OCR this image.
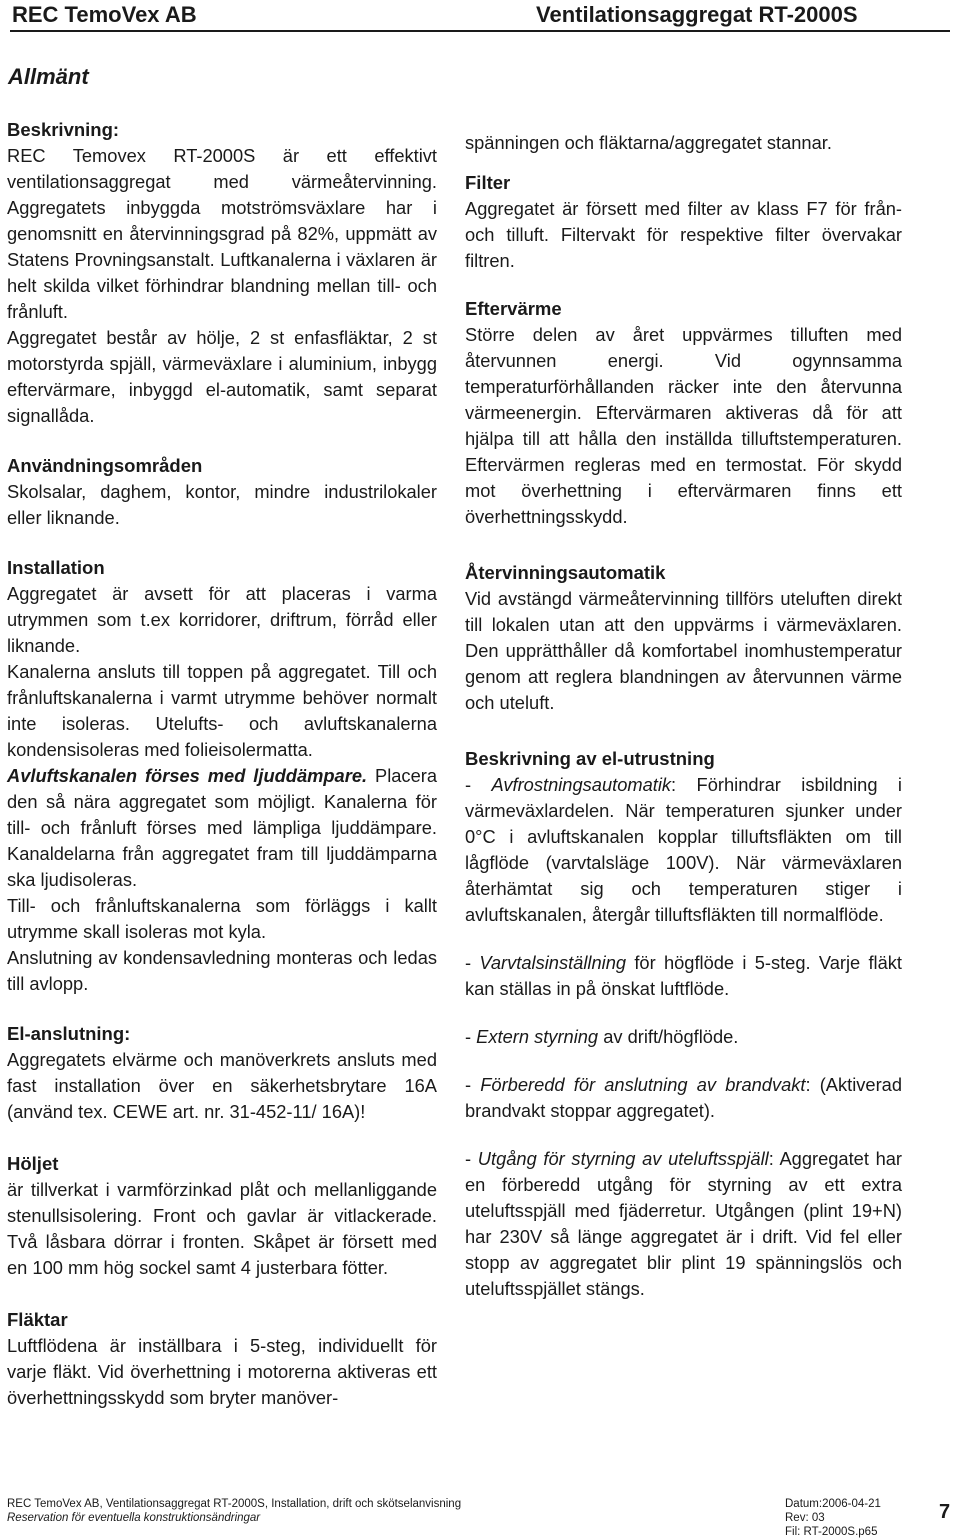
REC TemoVex AB	Ventilationsaggregat RT-2000S
Allmänt

Beskrivning:

REC Temovex RT-2000S är ett effektivt ventilationsaggregat med värmeåtervinning. Aggregatets inbyggda motströmsväxlare har i genomsnitt en återvinningsgrad på 82%, uppmätt av Statens Provningsanstalt. Luftkanalerna i växlaren är helt skilda vilket förhindrar blandning mellan till- och frånluft.

Aggregatet består av hölje, 2 st enfasfläktar, 2 st motorstyrda spjäll, värmeväxlare i aluminium, inbygg eftervärmare, inbyggd el-automatik, samt separat signallåda.

Användningsområden

Skolsalar, daghem, kontor, mindre industrilokaler eller liknande.

Installation

Aggregatet är avsett för att placeras i varma utrymmen som t.ex korridorer, driftrum, förråd eller liknande.

Kanalerna ansluts till toppen på aggregatet. Till och frånluftskanalerna i varmt utrymme behöver normalt inte isoleras. Utelufts- och avluftskanalerna kondensisoleras med folieisolermatta.

Avluftskanalen förses med ljuddämpare. Placera den så nära aggregatet som möjligt. Kanalerna för till- och frånluft förses med lämpliga ljuddämpare. Kanaldelarna från aggregatet fram till ljuddämparna ska ljudisoleras.

Till- och frånluftskanalerna som förläggs i kallt utrymme skall isoleras mot kyla.

Anslutning av kondensavledning monteras och ledas till avlopp.

El-anslutning:

Aggregatets elvärme och manöverkrets ansluts med fast installation över en säkerhetsbrytare 16A (använd tex. CEWE art. nr. 31-452-11/ 16A)!

Höljet

är tillverkat i varmförzinkad plåt och mellanliggande stenullsisolering. Front och gavlar är vitlackerade. Två låsbara dörrar i fronten. Skåpet är försett med en 100 mm hög sockel samt 4 justerbara fötter.

Fläktar

Luftflödena är inställbara i 5-steg, individuellt för varje fläkt. Vid överhettning i motorerna aktiveras ett överhettningsskydd som bryter manöver-

spänningen och fläktarna/aggregatet stannar.

Filter

Aggregatet är försett med filter av klass F7 för från- och tilluft. Filtervakt för respektive filter övervakar filtren.

Eftervärme

Större delen av året uppvärmes tilluften med återvunnen energi. Vid ogynnsamma temperaturförhållanden räcker inte den återvunna värmeenergin. Eftervärmaren aktiveras då för att hjälpa till att hålla den inställda tilluftstemperaturen. Eftervärmen regleras med en termostat. För skydd mot överhettning i eftervärmaren finns ett överhettningsskydd.

Återvinningsautomatik

Vid avstängd värmeåtervinning tillförs uteluften direkt till lokalen utan att den uppvärms i värmeväxlaren. Den upprätthåller då komfortabel inomhustemperatur genom att reglera blandningen av återvunnen värme och uteluft.

Beskrivning av el-utrustning

- Avfrostningsautomatik: Förhindrar isbildning i värmeväxlardelen. När temperaturen sjunker under 0°C i avluftskanalen kopplar tilluftsfläkten om till lågflöde (varvtalsläge 100V). När värmeväxlaren återhämtat sig och temperaturen stiger i avluftskanalen, återgår tilluftsfläkten till normalflöde.

- Varvtalsinställning för högflöde i 5-steg. Varje fläkt kan ställas in på önskat luftflöde.

- Extern styrning av drift/högflöde.

- Förberedd för anslutning av brandvakt: (Aktiverad brandvakt stoppar aggregatet).

- Utgång för styrning av uteluftsspjäll: Aggregatet har en förberedd utgång för styrning av ett extra uteluftsspjäll med fjäderretur. Utgången (plint 19+N) har 230V så länge aggregatet är i drift. Vid fel eller stopp av aggregatet blir plint 19 spänningslös och uteluftsspjället stängs.

REC TemoVex AB, Ventilationsaggregat RT-2000S, Installation, drift och skötselanvisning
Reservation för eventuella konstruktionsändringar
Datum:2006-04-21
Rev: 03
Fil: RT-2000S.p65
7
